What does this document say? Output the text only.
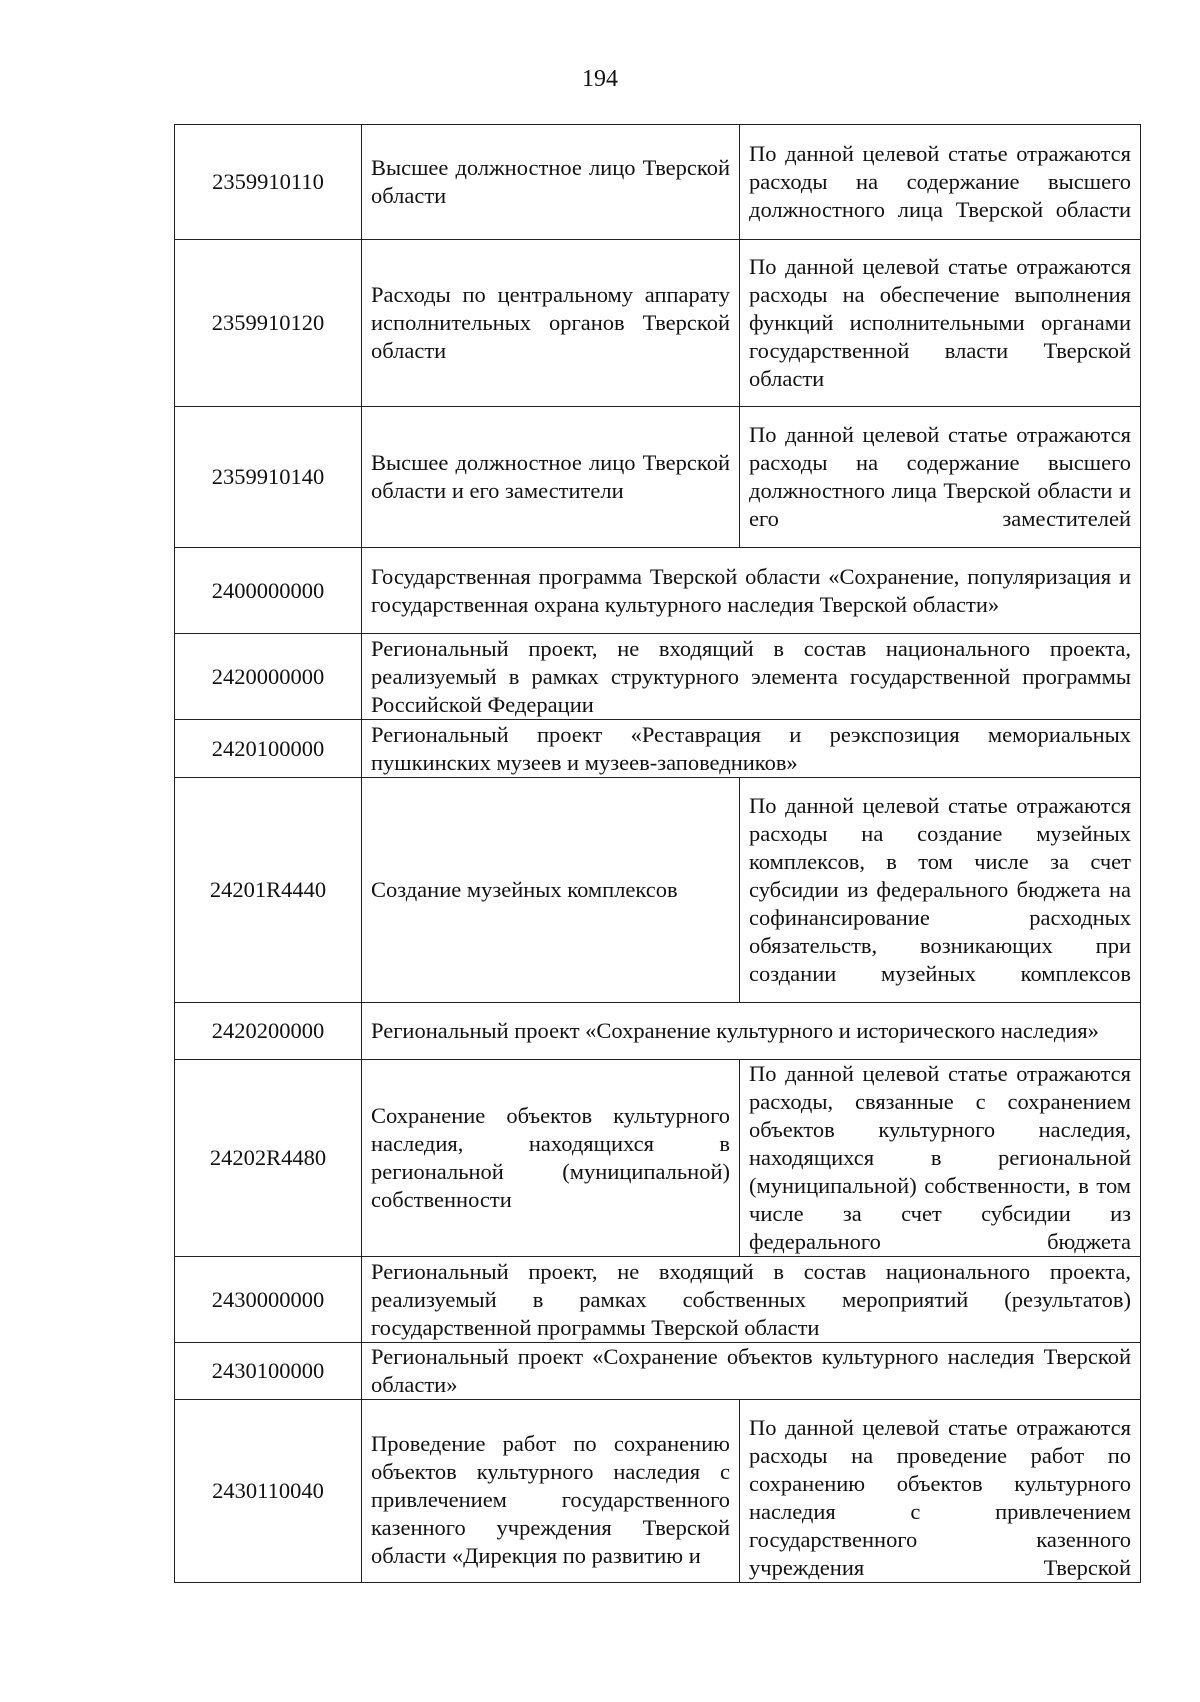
194
2359910110	Высшее должностное лицо Тверской области	По данной целевой статье отражаются расходы на содержание высшего должностного лица Тверской области
2359910120	Расходы по центральному аппарату исполнительных органов Тверской области	По данной целевой статье отражаются расходы на обеспечение выполнения функций исполнительными органами государственной власти Тверской области
2359910140	Высшее должностное лицо Тверской области и его заместители	По данной целевой статье отражаются расходы на содержание высшего должностного лица Тверской области и его заместителей
2400000000	Государственная программа Тверской области «Сохранение, популяризация и государственная охрана культурного наследия Тверской области»	
2420000000	Региональный проект, не входящий в состав национального проекта, реализуемый в рамках структурного элемента государственной программы Российской Федерации	
2420100000	Региональный проект «Реставрация и реэкспозиция мемориальных пушкинских музеев и музеев-заповедников»	
24201R4440	Создание музейных комплексов	По данной целевой статье отражаются расходы на создание музейных комплексов, в том числе за счет субсидии из федерального бюджета на софинансирование расходных обязательств, возникающих при создании музейных комплексов
2420200000	Региональный проект «Сохранение культурного и исторического наследия»	
24202R4480	Сохранение объектов культурного наследия, находящихся в региональной (муниципальной) собственности	По данной целевой статье отражаются расходы, связанные с сохранением объектов культурного наследия, находящихся в региональной (муниципальной) собственности, в том числе за счет субсидии из федерального бюджета
2430000000	Региональный проект, не входящий в состав национального проекта, реализуемый в рамках собственных мероприятий (результатов) государственной программы Тверской области	
2430100000	Региональный проект «Сохранение объектов культурного наследия Тверской области»	
2430110040	Проведение работ по сохранению объектов культурного наследия с привлечением государственного казенного учреждения Тверской области «Дирекция по развитию и	По данной целевой статье отражаются расходы на проведение работ по сохранению объектов культурного наследия с привлечением государственного казенного учреждения Тверской
